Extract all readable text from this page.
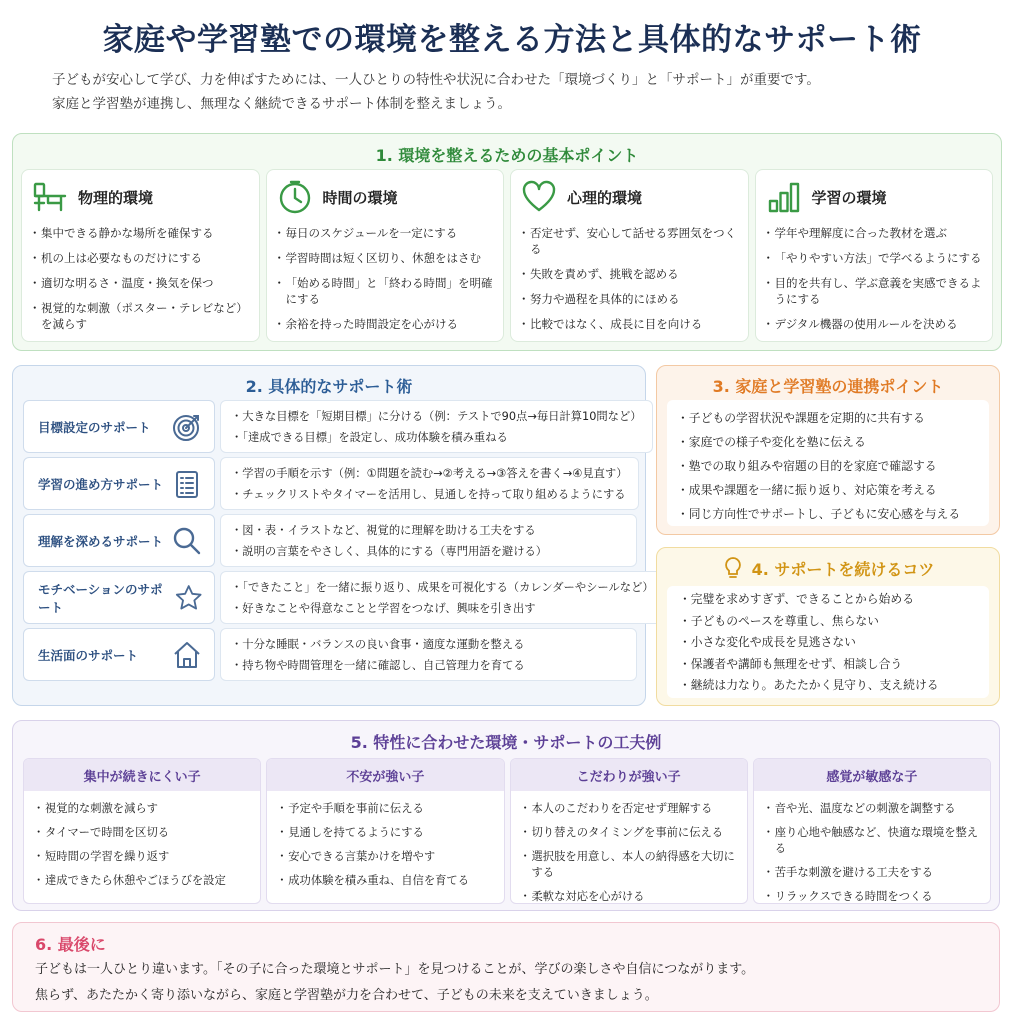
家庭や学習塾での環境を整える方法と具体的なサポート術
子どもが安心して学び、力を伸ばすためには、一人ひとりの特性や状況に合わせた「環境づくり」と「サポート」が重要です。
家庭と学習塾が連携し、無理なく継続できるサポート体制を整えましょう。
1. 環境を整えるための基本ポイント
物理的環境
・ 集中できる静かな場所を確保する
・ 机の上は必要なものだけにする
・ 適切な明るさ・温度・換気を保つ
・ 視覚的な刺激（ポスター・テレビなど）を減らす
時間の環境
・ 毎日のスケジュールを一定にする
・ 学習時間は短く区切り、休憩をはさむ
・ 「始める時間」と「終わる時間」を明確にする
・ 余裕を持った時間設定を心がける
心理的環境
・ 否定せず、安心して話せる雰囲気をつくる
・ 失敗を責めず、挑戦を認める
・ 努力や過程を具体的にほめる
・ 比較ではなく、成長に目を向ける
学習の環境
・ 学年や理解度に合った教材を選ぶ
・ 「やりやすい方法」で学べるようにする
・ 目的を共有し、学ぶ意義を実感できるようにする
・ デジタル機器の使用ルールを決める
2. 具体的なサポート術
目標設定のサポート
・大きな目標を「短期目標」に分ける（例：テストで90点→毎日計算10問など）
・「達成できる目標」を設定し、成功体験を積み重ねる
学習の進め方サポート
・学習の手順を示す（例：①問題を読む→②考える→③答えを書く→④見直す）
・チェックリストやタイマーを活用し、見通しを持って取り組めるようにする
理解を深めるサポート
・図・表・イラストなど、視覚的に理解を助ける工夫をする
・説明の言葉をやさしく、具体的にする（専門用語を避ける）
モチベーションのサポート
・「できたこと」を一緒に振り返り、成果を可視化する（カレンダーやシールなど）
・好きなことや得意なことと学習をつなげ、興味を引き出す
生活面のサポート
・十分な睡眠・バランスの良い食事・適度な運動を整える
・持ち物や時間管理を一緒に確認し、自己管理力を育てる
3. 家庭と学習塾の連携ポイント
・子どもの学習状況や課題を定期的に共有する
・家庭での様子や変化を塾に伝える
・塾での取り組みや宿題の目的を家庭で確認する
・成果や課題を一緒に振り返り、対応策を考える
・同じ方向性でサポートし、子どもに安心感を与える
4. サポートを続けるコツ
・完璧を求めすぎず、できることから始める
・子どものペースを尊重し、焦らない
・小さな変化や成長を見逃さない
・保護者や講師も無理をせず、相談し合う
・継続は力なり。あたたかく見守り、支え続ける
5. 特性に合わせた環境・サポートの工夫例
集中が続きにくい子
・ 視覚的な刺激を減らす
・ タイマーで時間を区切る
・ 短時間の学習を繰り返す
・ 達成できたら休憩やごほうびを設定
不安が強い子
・ 予定や手順を事前に伝える
・ 見通しを持てるようにする
・ 安心できる言葉かけを増やす
・ 成功体験を積み重ね、自信を育てる
こだわりが強い子
・ 本人のこだわりを否定せず理解する
・ 切り替えのタイミングを事前に伝える
・ 選択肢を用意し、本人の納得感を大切にする
・ 柔軟な対応を心がける
感覚が敏感な子
・ 音や光、温度などの刺激を調整する
・ 座り心地や触感など、快適な環境を整える
・ 苦手な刺激を避ける工夫をする
・ リラックスできる時間をつくる
6. 最後に
子どもは一人ひとり違います。「その子に合った環境とサポート」を見つけることが、学びの楽しさや自信につながります。
焦らず、あたたかく寄り添いながら、家庭と学習塾が力を合わせて、子どもの未来を支えていきましょう。
